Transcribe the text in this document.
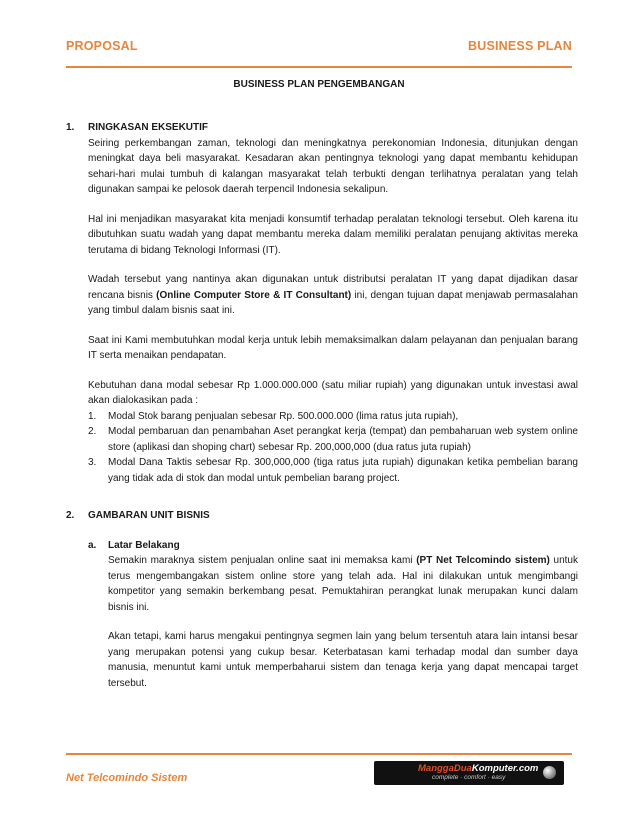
PROPOSAL	BUSINESS PLAN
BUSINESS PLAN PENGEMBANGAN
1.	RINGKASAN EKSEKUTIF

Seiring perkembangan zaman, teknologi dan meningkatnya perekonomian Indonesia, ditunjukan dengan meningkat daya beli masyarakat. Kesadaran akan pentingnya teknologi yang dapat membantu kehidupan sehari-hari mulai tumbuh di kalangan masyarakat telah terbukti dengan terlihatnya peralatan yang telah digunakan sampai ke pelosok daerah terpencil Indonesia sekalipun.

Hal ini menjadikan masyarakat kita menjadi konsumtif terhadap peralatan teknologi tersebut. Oleh karena itu dibutuhkan suatu wadah yang dapat membantu mereka dalam memiliki peralatan penujang aktivitas mereka terutama di bidang Teknologi Informasi (IT).

Wadah tersebut yang nantinya akan digunakan untuk distributsi peralatan IT yang dapat dijadikan dasar rencana bisnis (Online Computer Store & IT Consultant) ini, dengan tujuan dapat menjawab permasalahan yang timbul dalam bisnis saat ini.

Saat ini Kami membutuhkan modal kerja untuk lebih memaksimalkan dalam pelayanan dan penjualan barang IT serta menaikan pendapatan.

Kebutuhan dana modal sebesar Rp 1.000.000.000 (satu miliar rupiah) yang digunakan untuk investasi awal akan dialokasikan pada :

1.	Modal Stok barang penjualan sebesar Rp. 500.000.000 (lima ratus juta rupiah),
2.	Modal pembaruan dan penambahan Aset perangkat kerja (tempat) dan pembaharuan web system online store (aplikasi dan shoping chart) sebesar Rp. 200,000,000 (dua ratus juta rupiah)
3.	Modal Dana Taktis sebesar Rp. 300,000,000 (tiga ratus juta rupiah) digunakan ketika pembelian barang yang tidak ada di stok dan modal untuk pembelian barang project.
2.	GAMBARAN UNIT BISNIS
a.	Latar Belakang

Semakin maraknya sistem penjualan online saat ini memaksa kami (PT Net Telcomindo sistem) untuk terus mengembangakan sistem online store yang telah ada. Hal ini dilakukan untuk mengimbangi kompetitor yang semakin berkembang pesat. Pemuktahiran perangkat lunak merupakan kunci dalam bisnis ini.

Akan tetapi, kami harus mengakui pentingnya segmen lain yang belum tersentuh atara lain intansi besar yang merupakan potensi yang cukup besar. Keterbatasan kami terhadap modal dan sumber daya manusia, menuntut kami untuk memperbaharui sistem dan tenaga kerja yang dapat mencapai target tersebut.

Net Telcomindo Sistem
ManggaDuaKomputer.com
complete · comfort · easy
